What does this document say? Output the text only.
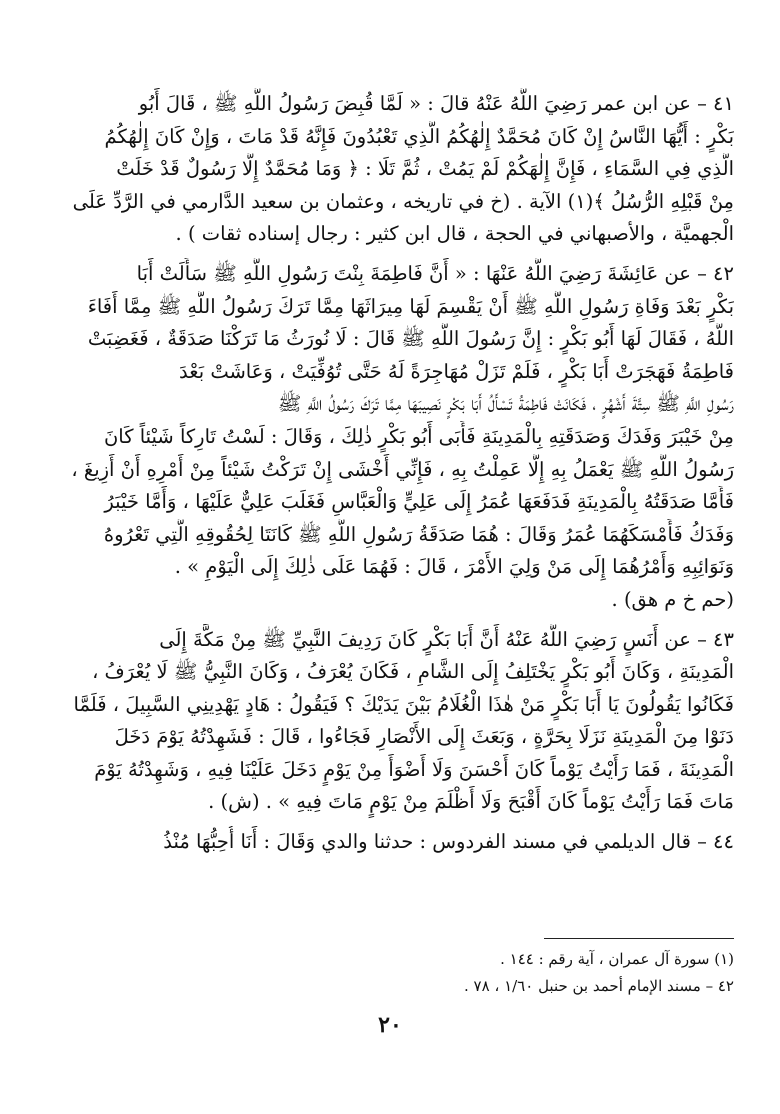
٤١ – عن ابن عمر رَضِيَ اللَّهُ عَنْهُ قالَ : « لَمَّا قُبِضَ رَسُولُ اللَّهِ ﷺ ، قَالَ أَبُو
بَكْرٍ : أَيُّهَا النَّاسُ إِنْ كَانَ مُحَمَّدٌ إِلٰهُكُمُ الَّذِي تَعْبُدُونَ فَإِنَّهُ قَدْ مَاتَ ، وَإِنْ كَانَ إِلٰهُكُمُ
الَّذِي فِي السَّمَاءِ ، فَإِنَّ إِلٰهَكُمْ لَمْ يَمُتْ ، ثُمَّ تَلَا : ﴿ وَمَا مُحَمَّدٌ إِلَّا رَسُولٌ قَدْ خَلَتْ
مِنْ قَبْلِهِ الرُّسُلُ ﴾(١) الآية . (خ في تاريخه ، وعثمان بن سعيد الدَّارمي في الرَّدِّ عَلَى
الْجهميَّة ، والأصبهاني في الحجة ، قال ابن كثير : رجال إسناده ثقات ) .

٤٢ – عن عَائِشَةَ رَضِيَ اللَّهُ عَنْهَا : « أَنَّ فَاطِمَةَ بِنْتَ رَسُولِ اللَّهِ ﷺ سَأَلَتْ أَبَا
بَكْرٍ بَعْدَ وَفَاةِ رَسُولِ اللَّهِ ﷺ أَنْ يَقْسِمَ لَهَا مِيرَاثَهَا مِمَّا تَرَكَ رَسُولُ اللَّهِ ﷺ مِمَّا أَفَاءَ
اللَّهُ ، فَقَالَ لَهَا أَبُو بَكْرٍ : إِنَّ رَسُولَ اللَّهِ ﷺ قَالَ : لَا نُورَثُ مَا تَرَكْنَا صَدَقَةٌ ، فَغَضِبَتْ
فَاطِمَةُ فَهَجَرَتْ أَبَا بَكْرٍ ، فَلَمْ تَزَلْ مُهَاجِرَةً لَهُ حَتَّى تُوُفِّيَتْ ، وَعَاشَتْ بَعْدَ
رَسُولِ اللَّهِ ﷺ سِتَّةَ أَشْهُرٍ ، فَكَانَتْ فَاطِمَةُ تَسْأَلُ أَبَا بَكْرٍ نَصِيبَهَا مِمَّا تَرَكَ رَسُولُ اللَّهِ ﷺ
مِنْ خَيْبَرَ وَفَدَكَ وَصَدَقَتِهِ بِالْمَدِينَةِ فَأَبَى أَبُو بَكْرٍ ذٰلِكَ ، وَقَالَ : لَسْتُ تَارِكاً شَيْئاً كَانَ
رَسُولُ اللَّهِ ﷺ يَعْمَلُ بِهِ إِلَّا عَمِلْتُ بِهِ ، فَإِنِّي أَخْشَى إِنْ تَرَكْتُ شَيْئاً مِنْ أَمْرِهِ أَنْ أَزِيغَ ،
فَأَمَّا صَدَقَتُهُ بِالْمَدِينَةِ فَدَفَعَهَا عُمَرُ إِلَى عَلِيٍّ وَالْعَبَّاسِ فَغَلَبَ عَلِيٌّ عَلَيْهَا ، وَأَمَّا خَيْبَرُ
وَفَدَكُ فَأَمْسَكَهُمَا عُمَرُ وَقَالَ : هُمَا صَدَقَةُ رَسُولِ اللَّهِ ﷺ كَانَتَا لِحُقُوقِهِ الَّتِي تَعْرُوهُ
وَنَوَائِبِهِ وَأَمْرُهُمَا إِلَى مَنْ وَلِيَ الأَمْرَ ، قَالَ : فَهُمَا عَلَى ذٰلِكَ إِلَى الْيَوْمِ » .
(حم خ م هق) .

٤٣ – عن أَنَسٍ رَضِيَ اللَّهُ عَنْهُ أَنَّ أَبَا بَكْرٍ كَانَ رَدِيفَ النَّبِيِّ ﷺ مِنْ مَكَّةَ إِلَى
الْمَدِينَةِ ، وَكَانَ أَبُو بَكْرٍ يَخْتَلِفُ إِلَى الشَّامِ ، فَكَانَ يُعْرَفُ ، وَكَانَ النَّبِيُّ ﷺ لَا يُعْرَفُ ،
فَكَانُوا يَقُولُونَ يَا أَبَا بَكْرٍ مَنْ هٰذَا الْغُلَامُ بَيْنَ يَدَيْكَ ؟ فَيَقُولُ : هَادٍ يَهْدِينِي السَّبِيلَ ، فَلَمَّا
دَنَوْا مِنَ الْمَدِينَةِ نَزَلَا بِحَرَّةٍ ، وَبَعَثَ إِلَى الأَنْصَارِ فَجَاءُوا ، قَالَ : فَشَهِدْتُهُ يَوْمَ دَخَلَ
الْمَدِينَةَ ، فَمَا رَأَيْتُ يَوْماً كَانَ أَحْسَنَ وَلَا أَضْوَأَ مِنْ يَوْمٍ دَخَلَ عَلَيْنَا فِيهِ ، وَشَهِدْتُهُ يَوْمَ
مَاتَ فَمَا رَأَيْتُ يَوْماً كَانَ أَقْبَحَ وَلَا أَظْلَمَ مِنْ يَوْمٍ مَاتَ فِيهِ » . (ش) .

٤٤ – قال الديلمي في مسند الفردوس : حدثنا والدي وَقَالَ : أَنَا أُحِبُّهَا مُنْذُ

(١) سورة آل عمران ، آية رقم : ١٤٤ .
٤٢ – مسند الإمام أحمد بن حنبل ١/٦٠ ، ٧٨ .
٢٠
